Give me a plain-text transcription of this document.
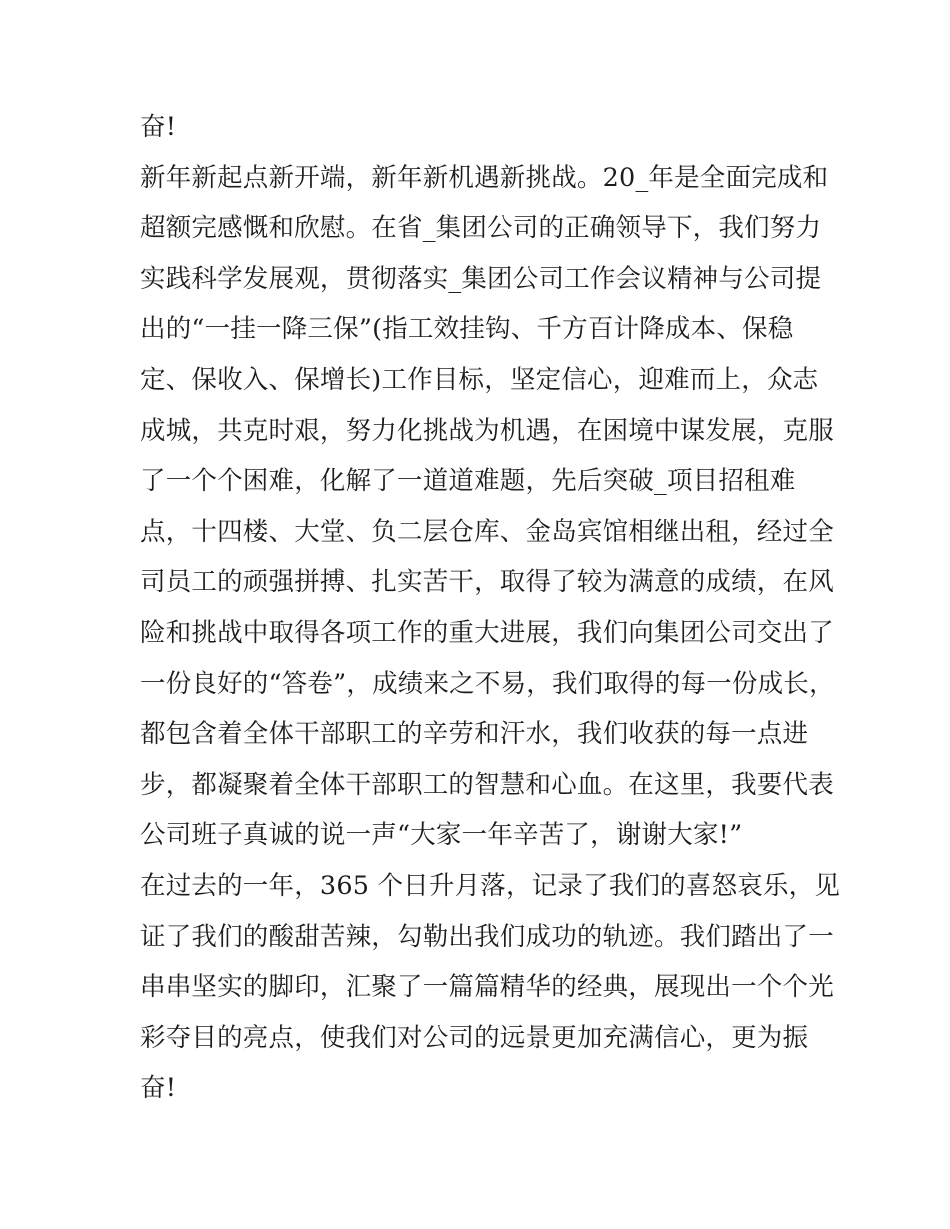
奋!
新年新起点新开端，新年新机遇新挑战。20_年是全面完成和
超额完感慨和欣慰。在省_集团公司的正确领导下，我们努力
实践科学发展观，贯彻落实_集团公司工作会议精神与公司提
出的“一挂一降三保”(指工效挂钩、千方百计降成本、保稳
定、保收入、保增长)工作目标，坚定信心，迎难而上，众志
成城，共克时艰，努力化挑战为机遇，在困境中谋发展，克服
了一个个困难，化解了一道道难题，先后突破_项目招租难
点，十四楼、大堂、负二层仓库、金岛宾馆相继出租，经过全
司员工的顽强拼搏、扎实苦干，取得了较为满意的成绩，在风
险和挑战中取得各项工作的重大进展，我们向集团公司交出了
一份良好的“答卷”，成绩来之不易，我们取得的每一份成长，
都包含着全体干部职工的辛劳和汗水，我们收获的每一点进
步，都凝聚着全体干部职工的智慧和心血。在这里，我要代表
公司班子真诚的说一声“大家一年辛苦了，谢谢大家!”
在过去的一年，365 个日升月落，记录了我们的喜怒哀乐，见
证了我们的酸甜苦辣，勾勒出我们成功的轨迹。我们踏出了一
串串坚实的脚印，汇聚了一篇篇精华的经典，展现出一个个光
彩夺目的亮点，使我们对公司的远景更加充满信心，更为振
奋!
